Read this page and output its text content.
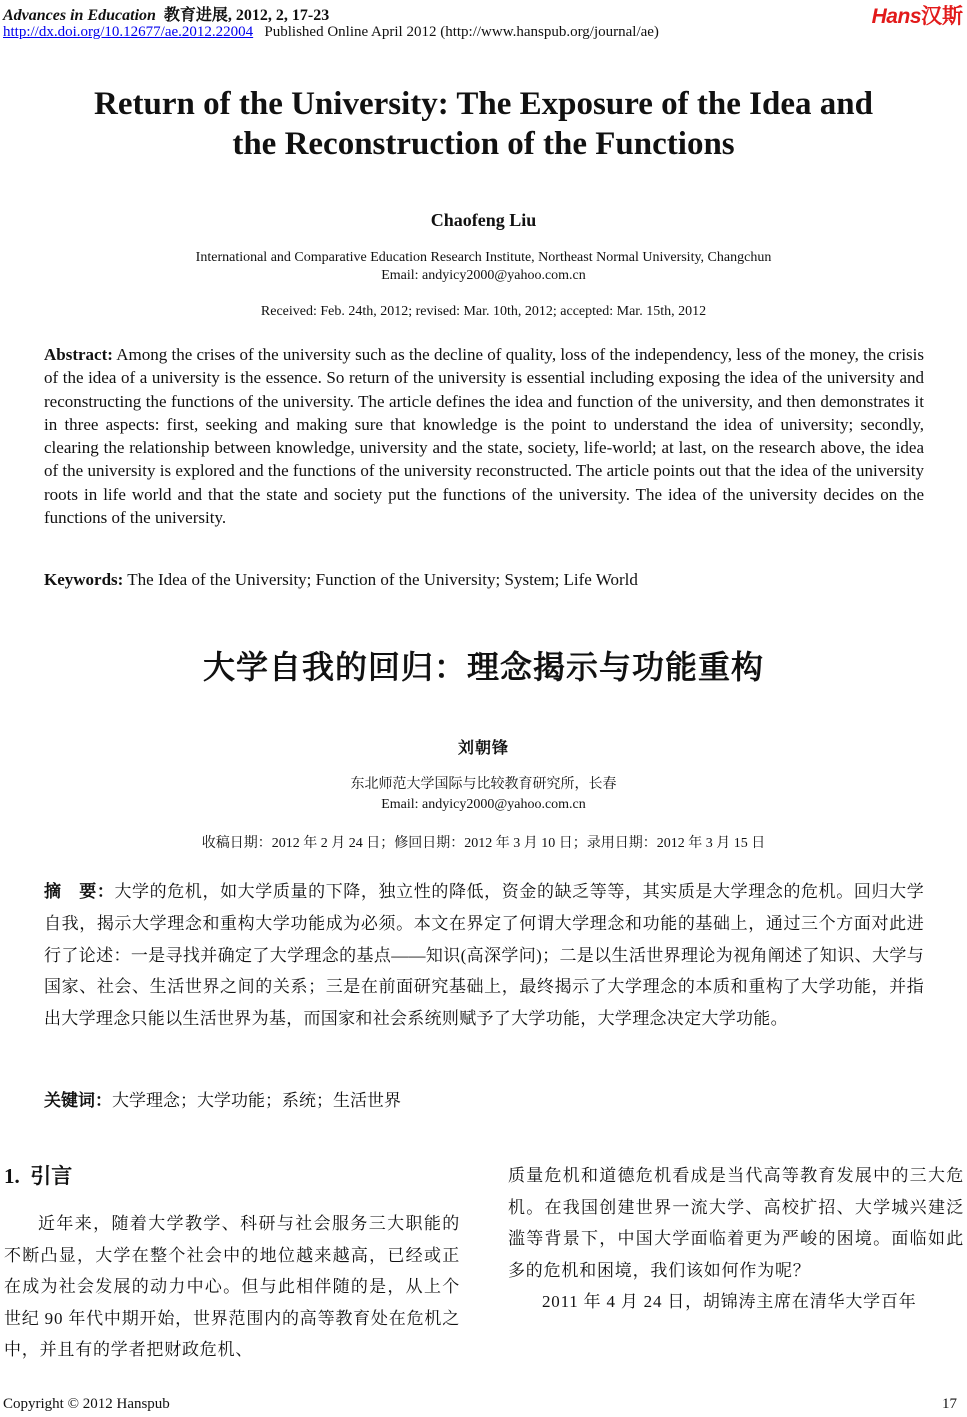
Advances in Education 教育进展, 2012, 2, 17-23
http://dx.doi.org/10.12677/ae.2012.22004 Published Online April 2012 (http://www.hanspub.org/journal/ae)
Hans汉斯
Return of the University: The Exposure of the Idea and
the Reconstruction of the Functions
Chaofeng Liu
International and Comparative Education Research Institute, Northeast Normal University, Changchun
Email: andyicy2000@yahoo.com.cn
Received: Feb. 24th, 2012; revised: Mar. 10th, 2012; accepted: Mar. 15th, 2012
Abstract: Among the crises of the university such as the decline of quality, loss of the independency, less of the money, the crisis of the idea of a university is the essence. So return of the university is essential including exposing the idea of the university and reconstructing the functions of the university. The article defines the idea and function of the university, and then demonstrates it in three aspects: first, seeking and making sure that knowledge is the point to understand the idea of university; secondly, clearing the relationship between knowledge, university and the state, society, life-world; at last, on the research above, the idea of the university is explored and the functions of the university reconstructed. The article points out that the idea of the university roots in life world and that the state and society put the functions of the university. The idea of the university decides on the functions of the university.
Keywords: The Idea of the University; Function of the University; System; Life World
大学自我的回归：理念揭示与功能重构
刘朝锋
东北师范大学国际与比较教育研究所，长春
Email: andyicy2000@yahoo.com.cn
收稿日期：2012 年 2 月 24 日；修回日期：2012 年 3 月 10 日；录用日期：2012 年 3 月 15 日
摘　要：大学的危机，如大学质量的下降，独立性的降低，资金的缺乏等等，其实质是大学理念的危机。回归大学自我，揭示大学理念和重构大学功能成为必须。本文在界定了何谓大学理念和功能的基础上，通过三个方面对此进行了论述：一是寻找并确定了大学理念的基点——知识(高深学问)；二是以生活世界理论为视角阐述了知识、大学与国家、社会、生活世界之间的关系；三是在前面研究基础上，最终揭示了大学理念的本质和重构了大学功能，并指出大学理念只能以生活世界为基，而国家和社会系统则赋予了大学功能，大学理念决定大学功能。
关键词：大学理念；大学功能；系统；生活世界
1. 引言

近年来，随着大学教学、科研与社会服务三大职能的不断凸显，大学在整个社会中的地位越来越高，已经或正在成为社会发展的动力中心。但与此相伴随的是，从上个世纪 90 年代中期开始，世界范围内的高等教育处在危机之中，并且有的学者把财政危机、

质量危机和道德危机看成是当代高等教育发展中的三大危机。在我国创建世界一流大学、高校扩招、大学城兴建泛滥等背景下，中国大学面临着更为严峻的困境。面临如此多的危机和困境，我们该如何作为呢？

2011 年 4 月 24 日，胡锦涛主席在清华大学百年

Copyright © 2012 Hanspub	17
